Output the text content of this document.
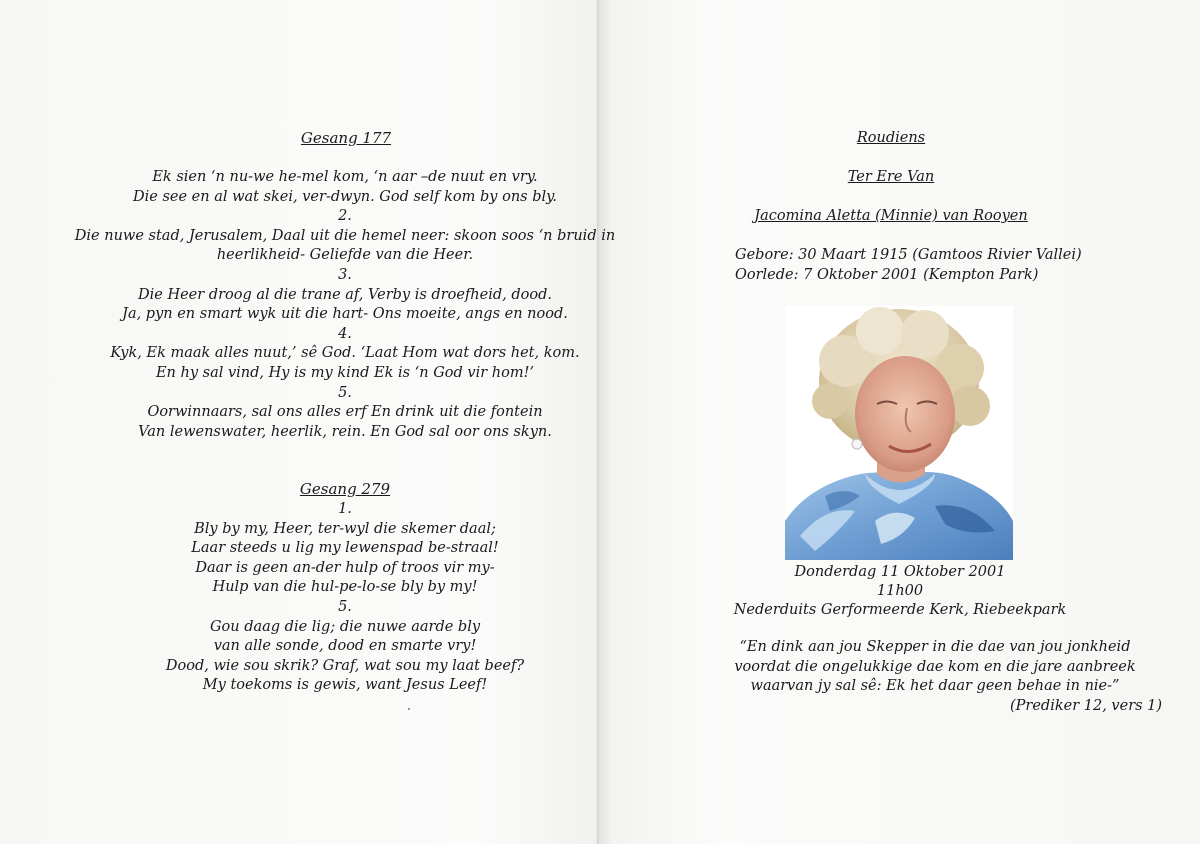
Gesang 177
Ek sien ‘n nu-we he-mel kom, ‘n aar –de nuut en vry.
Die see en al wat skei, ver-dwyn. God self kom by ons bly.
2.
Die nuwe stad, Jerusalem, Daal uit die hemel neer: skoon soos ‘n bruid in
heerlikheid- Geliefde van die Heer.
3.
Die Heer droog al die trane af, Verby is droefheid, dood.
Ja, pyn en smart wyk uit die hart- Ons moeite, angs en nood.
4.
Kyk, Ek maak alles nuut,’ sê God. ‘Laat Hom wat dors het, kom.
En hy sal vind, Hy is my kind Ek is ‘n God vir hom!’
5.
Oorwinnaars, sal ons alles erf En drink uit die fontein
Van lewenswater, heerlik, rein. En God sal oor ons skyn.
Gesang 279
1.
Bly by my, Heer, ter-wyl die skemer daal;
Laar steeds u lig my lewenspad be-straal!
Daar is geen an-der hulp of troos vir my-
Hulp van die hul-pe-lo-se bly by my!
5.
Gou daag die lig; die nuwe aarde bly
van alle sonde, dood en smarte vry!
Dood, wie sou skrik? Graf, wat sou my laat beef?
My toekoms is gewis, want Jesus Leef!
Roudiens
Ter Ere Van
Jacomina Aletta (Minnie) van Rooyen
Gebore: 30 Maart 1915 (Gamtoos Rivier Vallei)
Oorlede: 7 Oktober 2001 (Kempton Park)
Donderdag 11 Oktober 2001
11h00
Nederduits Gerformeerde Kerk, Riebeekpark
“En dink aan jou Skepper in die dae van jou jonkheid
voordat die ongelukkige dae kom en die jare aanbreek
waarvan jy sal sê: Ek het daar geen behae in nie-”
(Prediker 12, vers 1)
